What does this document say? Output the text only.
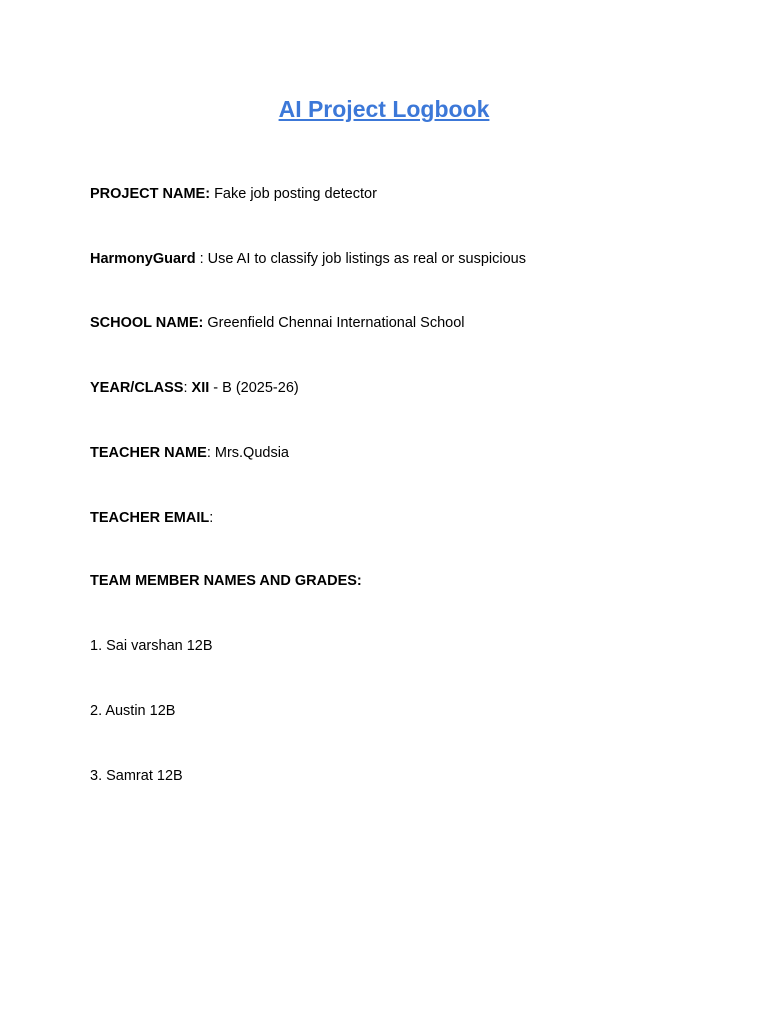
AI Project Logbook
PROJECT NAME: Fake job posting detector
HarmonyGuard : Use AI to classify job listings as real or suspicious
SCHOOL NAME: Greenfield Chennai International School
YEAR/CLASS: XII - B (2025-26)
TEACHER NAME: Mrs.Qudsia
TEACHER EMAIL:
TEAM MEMBER NAMES AND GRADES:
1. Sai varshan 12B
2. Austin 12B
3. Samrat 12B
